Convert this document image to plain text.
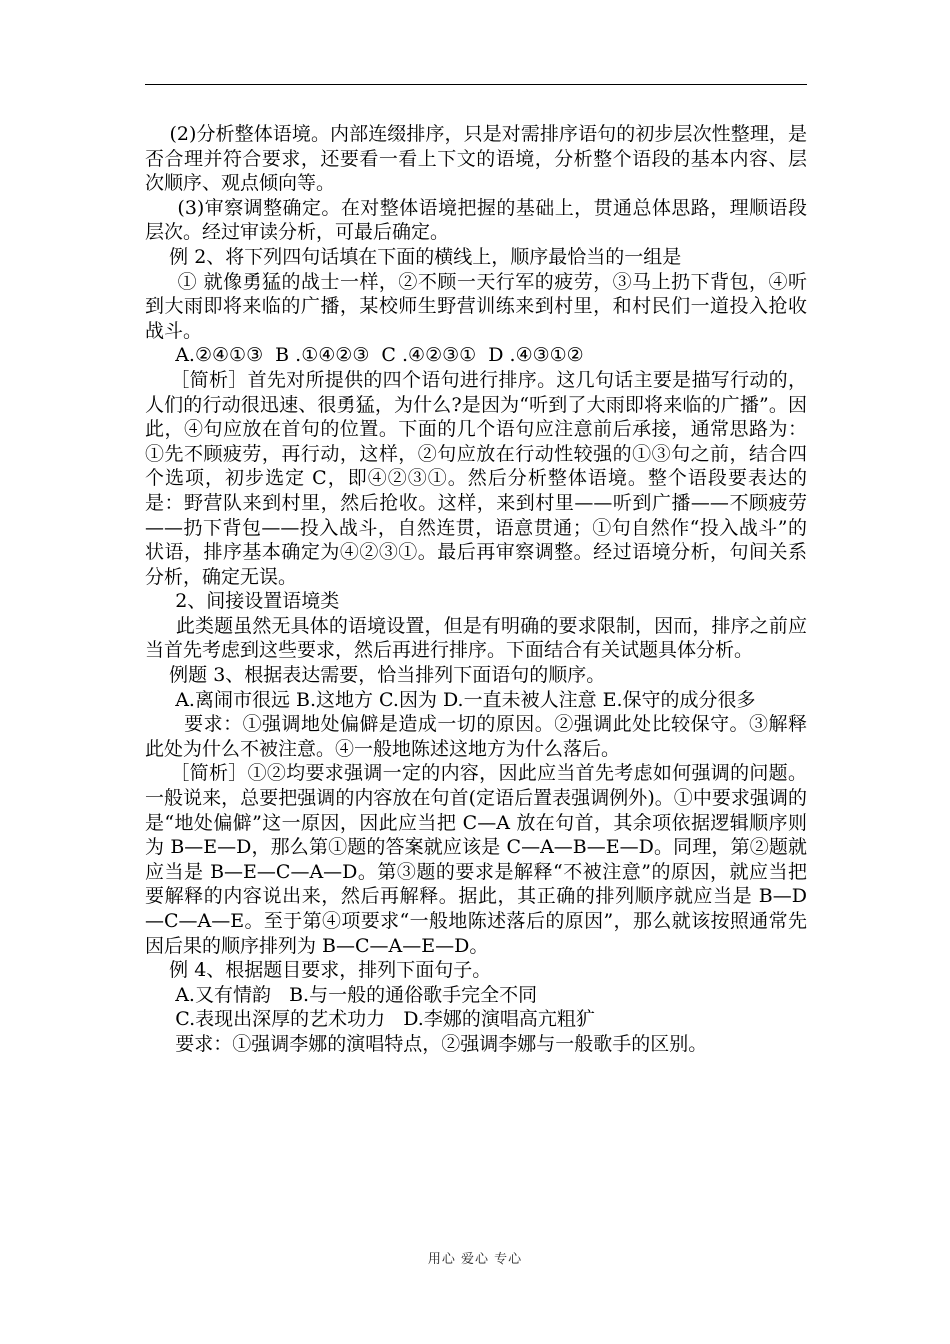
(2)分析整体语境。内部连缀排序，只是对需排序语句的初步层次性整理，是否合理并符合要求，还要看一看上下文的语境，分析整个语段的基本内容、层次顺序、观点倾向等。

(3)审察调整确定。在对整体语境把握的基础上，贯通总体思路，理顺语段层次。经过审读分析，可最后确定。

例 2、将下列四句话填在下面的横线上，顺序最恰当的一组是

① 就像勇猛的战士一样，②不顾一天行军的疲劳，③马上扔下背包，④听到大雨即将来临的广播，某校师生野营训练来到村里，和村民们一道投入抢收战斗。

A.②④①③  B .①④②③  C .④②③①  D .④③①②

［简析］首先对所提供的四个语句进行排序。这几句话主要是描写行动的，人们的行动很迅速、很勇猛，为什么?是因为“听到了大雨即将来临的广播”。因此，④句应放在首句的位置。下面的几个语句应注意前后承接，通常思路为：①先不顾疲劳，再行动，这样，②句应放在行动性较强的①③句之前，结合四个选项，初步选定 C，即④②③①。然后分析整体语境。整个语段要表达的是：野营队来到村里，然后抢收。这样，来到村里——听到广播——不顾疲劳——扔下背包——投入战斗，自然连贯，语意贯通；①句自然作“投入战斗”的状语，排序基本确定为④②③①。最后再审察调整。经过语境分析，句间关系分析，确定无误。

2、间接设置语境类

此类题虽然无具体的语境设置，但是有明确的要求限制，因而，排序之前应当首先考虑到这些要求，然后再进行排序。下面结合有关试题具体分析。

例题 3、根据表达需要，恰当排列下面语句的顺序。

A.离闹市很远 B.这地方 C.因为 D.一直未被人注意 E.保守的成分很多

要求：①强调地处偏僻是造成一切的原因。②强调此处比较保守。③解释此处为什么不被注意。④一般地陈述这地方为什么落后。

［简析］①②均要求强调一定的内容，因此应当首先考虑如何强调的问题。一般说来，总要把强调的内容放在句首(定语后置表强调例外)。①中要求强调的是“地处偏僻”这一原因，因此应当把 C—A 放在句首，其余项依据逻辑顺序则为 B—E—D，那么第①题的答案就应该是 C—A—B—E—D。同理，第②题就应当是 B—E—C—A—D。第③题的要求是解释“不被注意”的原因，就应当把要解释的内容说出来，然后再解释。据此，其正确的排列顺序就应当是 B—D—C—A—E。至于第④项要求“一般地陈述落后的原因”，那么就该按照通常先因后果的顺序排列为 B—C—A—E—D。

例 4、根据题目要求，排列下面句子。

A.又有情韵   B.与一般的通俗歌手完全不同

C.表现出深厚的艺术功力   D.李娜的演唱高亢粗犷

要求：①强调李娜的演唱特点，②强调李娜与一般歌手的区别。

用心 爱心 专心
